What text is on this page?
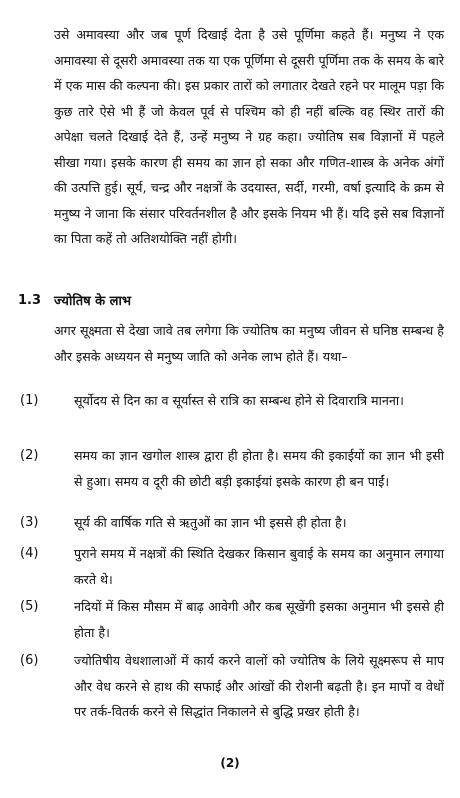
उसे अमावस्या और जब पूर्ण दिखाई देता है उसे पूर्णिमा कहते हैं। मनुष्य ने एक अमावस्या से दूसरी अमावस्या तक या एक पूर्णिमा से दूसरी पूर्णिमा तक के समय के बारे में एक मास की कल्पना की। इस प्रकार तारों को लगातार देखते रहने पर मालूम पड़ा कि कुछ तारे ऐसे भी हैं जो केवल पूर्व से पश्चिम को ही नहीं बल्कि वह स्थिर तारों की अपेक्षा चलते दिखाई देते हैं, उन्हें मनुष्य ने ग्रह कहा। ज्योतिष सब विज्ञानों में पहले सीखा गया। इसके कारण ही समय का ज्ञान हो सका और गणित-शास्त्र के अनेक अंगों की उत्पत्ति हुई। सूर्य, चन्द्र और नक्षत्रों के उदयास्त, सर्दी, गरमी, वर्षा इत्यादि के क्रम से मनुष्य ने जाना कि संसार परिवर्तनशील है और इसके नियम भी हैं। यदि इसे सब विज्ञानों का पिता कहें तो अतिशयोक्ति नहीं होगी।

1.3 ज्योतिष के लाभ

अगर सूक्ष्मता से देखा जावे तब लगेगा कि ज्योतिष का मनुष्य जीवन से घनिष्ठ सम्बन्ध है और इसके अध्ययन से मनुष्य जाति को अनेक लाभ होते हैं। यथा–

(1)	सूर्योदय से दिन का व सूर्यास्त से रात्रि का सम्बन्ध होने से दिवारात्रि मानना।

(2)	समय का ज्ञान खगोल शास्त्र द्वारा ही होता है। समय की इकाईयों का ज्ञान भी इसी से हुआ। समय व दूरी की छोटी बड़ी इकाईयां इसके कारण ही बन पाईं।

(3)	सूर्य की वार्षिक गति से ऋतुओं का ज्ञान भी इससे ही होता है।

(4)	पुराने समय में नक्षत्रों की स्थिति देखकर किसान बुवाई के समय का अनुमान लगाया करते थे।

(5)	नदियों में किस मौसम में बाढ़ आवेगी और कब सूखेंगी इसका अनुमान भी इससे ही होता है।

(6)	ज्योतिषीय वेधशालाओं में कार्य करने वालों को ज्योतिष के लिये सूक्ष्मरूप से माप और वेध करने से हाथ की सफाई और आंखों की रोशनी बढ़ती है। इन मापों व वेधों पर तर्क-वितर्क करने से सिद्धांत निकालने से बुद्धि प्रखर होती है।

(2)
